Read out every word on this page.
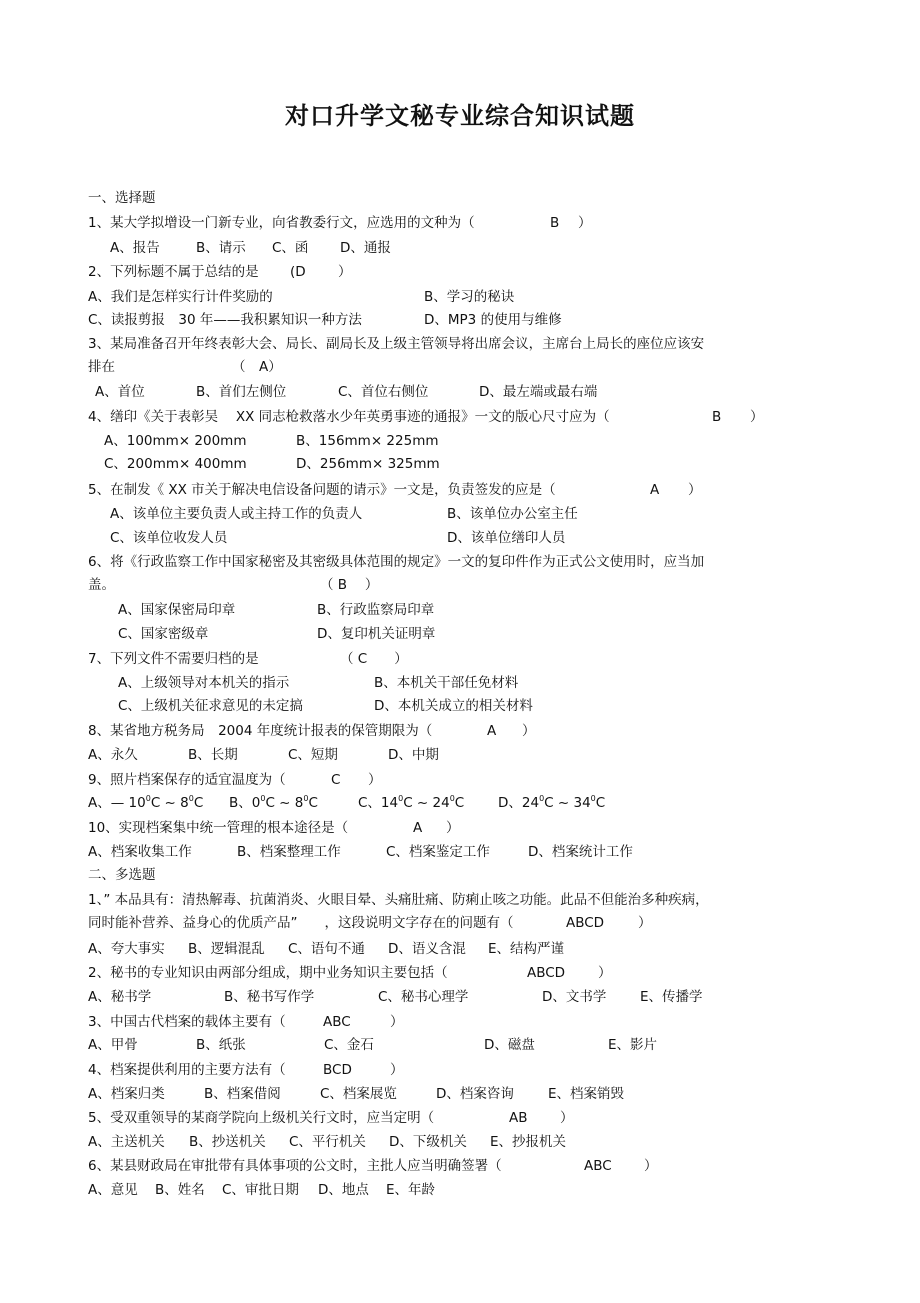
对口升学文秘专业综合知识试题
一、选择题
1、某大学拟增设一门新专业，向省教委行文，应选用的文种为（	B ）
A、报告	B、请示 C、函 D、通报
2、下列标题不属于总结的是 (D ）
A、我们是怎样实行计件奖励的	B、学习的秘诀
C、读报剪报　30 年——我积累知识一种方法	D、MP3 的使用与维修
3、某局准备召开年终表彰大会、局长、副局长及上级主管领导将出席会议，主席台上局长的座位应该安
排在	（　A）
A、首位	B、首们左侧位	C、首位右侧位	D、最左端或最右端
4、缮印《关于表彰吴　 XX 同志枪救落水少年英勇事迹的通报》一文的版心尺寸应为（	B ）
A、100mm× 200mm	B、156mm× 225mm
C、200mm× 400mm	D、256mm× 325mm
5、在制发《 XX 市关于解决电信设备问题的请示》一文是，负责签发的应是（	A ）
A、该单位主要负责人或主持工作的负责人	B、该单位办公室主任
C、该单位收发人员	D、该单位缮印人员
6、将《行政监察工作中国家秘密及其密级具体范围的规定》一文的复印件作为正式公文使用时，应当加
盖。	（ B　 ）
A、国家保密局印章	B、行政监察局印章
C、国家密级章	D、复印机关证明章
7、下列文件不需要归档的是	（ C　　）
A、上级领导对本机关的指示	B、本机关干部任免材料
C、上级机关征求意见的未定搞	D、本机关成立的相关材料
8、某省地方税务局　2004 年度统计报表的保管期限为（	A ）
A、永久	B、长期	C、短期	D、中期
9、照片档案保存的适宜温度为（	C ）
A、— $10^0C$ ~ $8^0C$ B、$0^0C$ ~ $8^0C$	C、$14^0C$ ~ $24^0C$	D、$24^0C$ ~ $34^0C$
10、实现档案集中统一管理的根本途径是（	A ）
A、档案收集工作	B、档案整理工作	C、档案鉴定工作	D、档案统计工作
二、多选题
1、” 本品具有：清热解毒、抗菌消炎、火眼目晕、头痛肚痛、防痢止咳之功能。此品不但能治多种疾病，
同时能补营养、益身心的优质产品”　　，这段说明文字存在的问题有（	ABCD	）
A、夸大事实 B、逻辑混乱 C、语句不通 D、语义含混 E、结构严谨
2、秘书的专业知识由两部分组成，期中业务知识主要包括（	ABCD ）
A、秘书学	B、秘书写作学	C、秘书心理学	D、文书学 E、传播学
3、中国古代档案的载体主要有（	ABC	）
A、甲骨	B、纸张	C、金石	D、磁盘	E、影片
4、档案提供利用的主要方法有（	BCD	）
A、档案归类	B、档案借阅	C、档案展览	D、档案咨询	E、档案销毁
5、受双重领导的某商学院向上级机关行文时，应当定明（	AB ）
A、主送机关 B、抄送机关 C、平行机关 D、下级机关 E、抄报机关
6、某县财政局在审批带有具体事项的公文时，主批人应当明确签署（	ABC ）
A、意见 B、姓名 C、审批日期 D、地点 E、年龄
